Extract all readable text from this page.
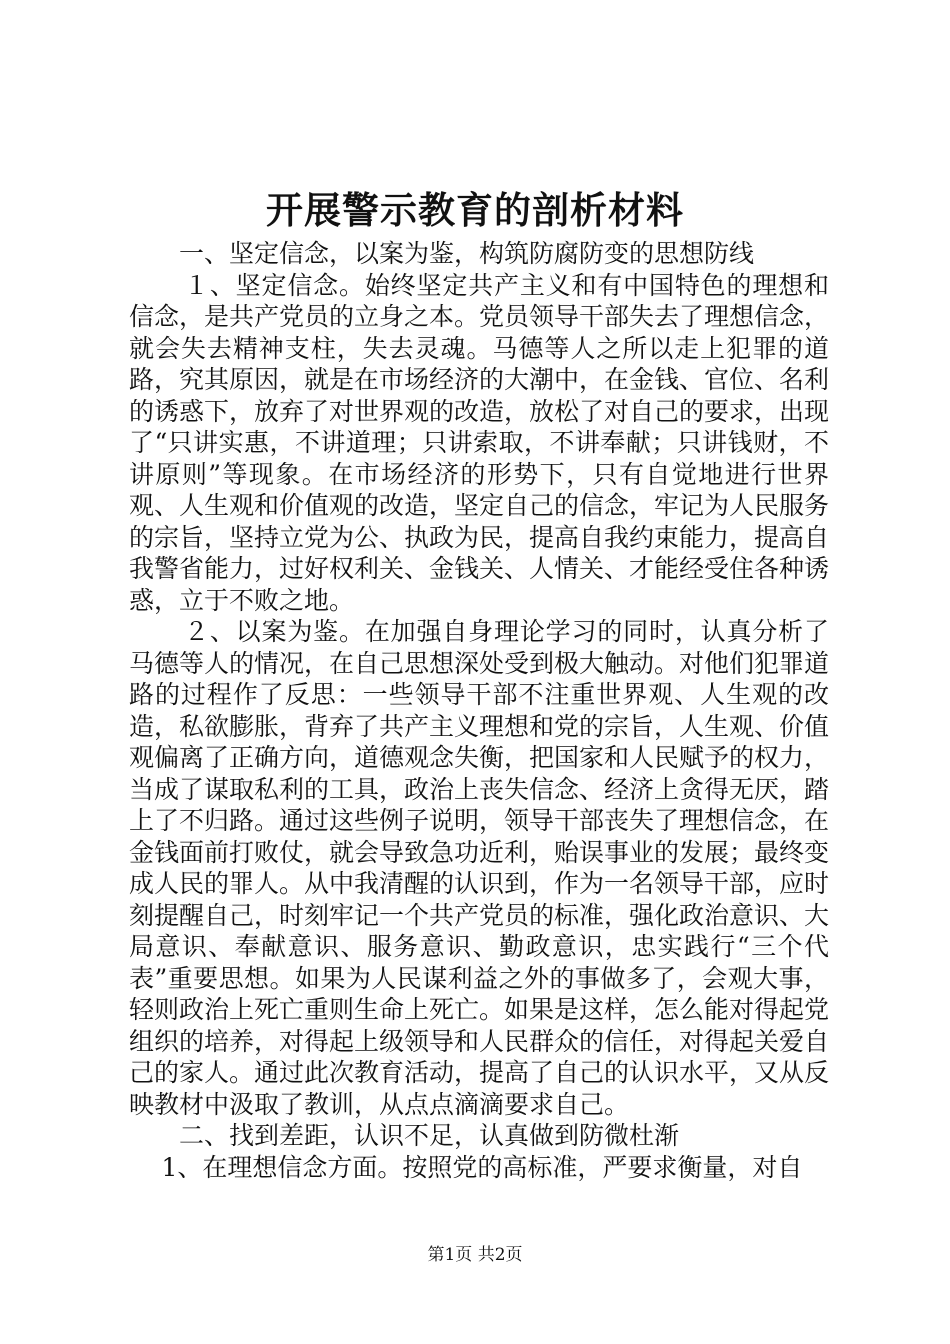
开展警示教育的剖析材料

一、坚定信念，以案为鉴，构筑防腐防变的思想防线

１、坚定信念。始终坚定共产主义和有中国特色的理想和信念，是共产党员的立身之本。党员领导干部失去了理想信念，就会失去精神支柱，失去灵魂。马德等人之所以走上犯罪的道路，究其原因，就是在市场经济的大潮中，在金钱、官位、名利的诱惑下，放弃了对世界观的改造，放松了对自己的要求，出现了“只讲实惠，不讲道理；只讲索取，不讲奉献；只讲钱财，不讲原则”等现象。在市场经济的形势下，只有自觉地进行世界观、人生观和价值观的改造，坚定自己的信念，牢记为人民服务的宗旨，坚持立党为公、执政为民，提高自我约束能力，提高自我警省能力，过好权利关、金钱关、人情关、才能经受住各种诱惑，立于不败之地。

２、以案为鉴。在加强自身理论学习的同时，认真分析了马德等人的情况，在自己思想深处受到极大触动。对他们犯罪道路的过程作了反思：一些领导干部不注重世界观、人生观的改造，私欲膨胀，背弃了共产主义理想和党的宗旨，人生观、价值观偏离了正确方向，道德观念失衡，把国家和人民赋予的权力，当成了谋取私利的工具，政治上丧失信念、经济上贪得无厌，踏上了不归路。通过这些例子说明，领导干部丧失了理想信念，在金钱面前打败仗，就会导致急功近利，贻误事业的发展；最终变成人民的罪人。从中我清醒的认识到，作为一名领导干部，应时刻提醒自己，时刻牢记一个共产党员的标准，强化政治意识、大局意识、奉献意识、服务意识、勤政意识，忠实践行“三个代表”重要思想。如果为人民谋利益之外的事做多了，会观大事，轻则政治上死亡重则生命上死亡。如果是这样，怎么能对得起党组织的培养，对得起上级领导和人民群众的信任，对得起关爱自己的家人。通过此次教育活动，提高了自己的认识水平，又从反映教材中汲取了教训，从点点滴滴要求自己。

二、找到差距，认识不足，认真做到防微杜渐

1、在理想信念方面。按照党的高标准，严要求衡量，对自

第1页 共2页
